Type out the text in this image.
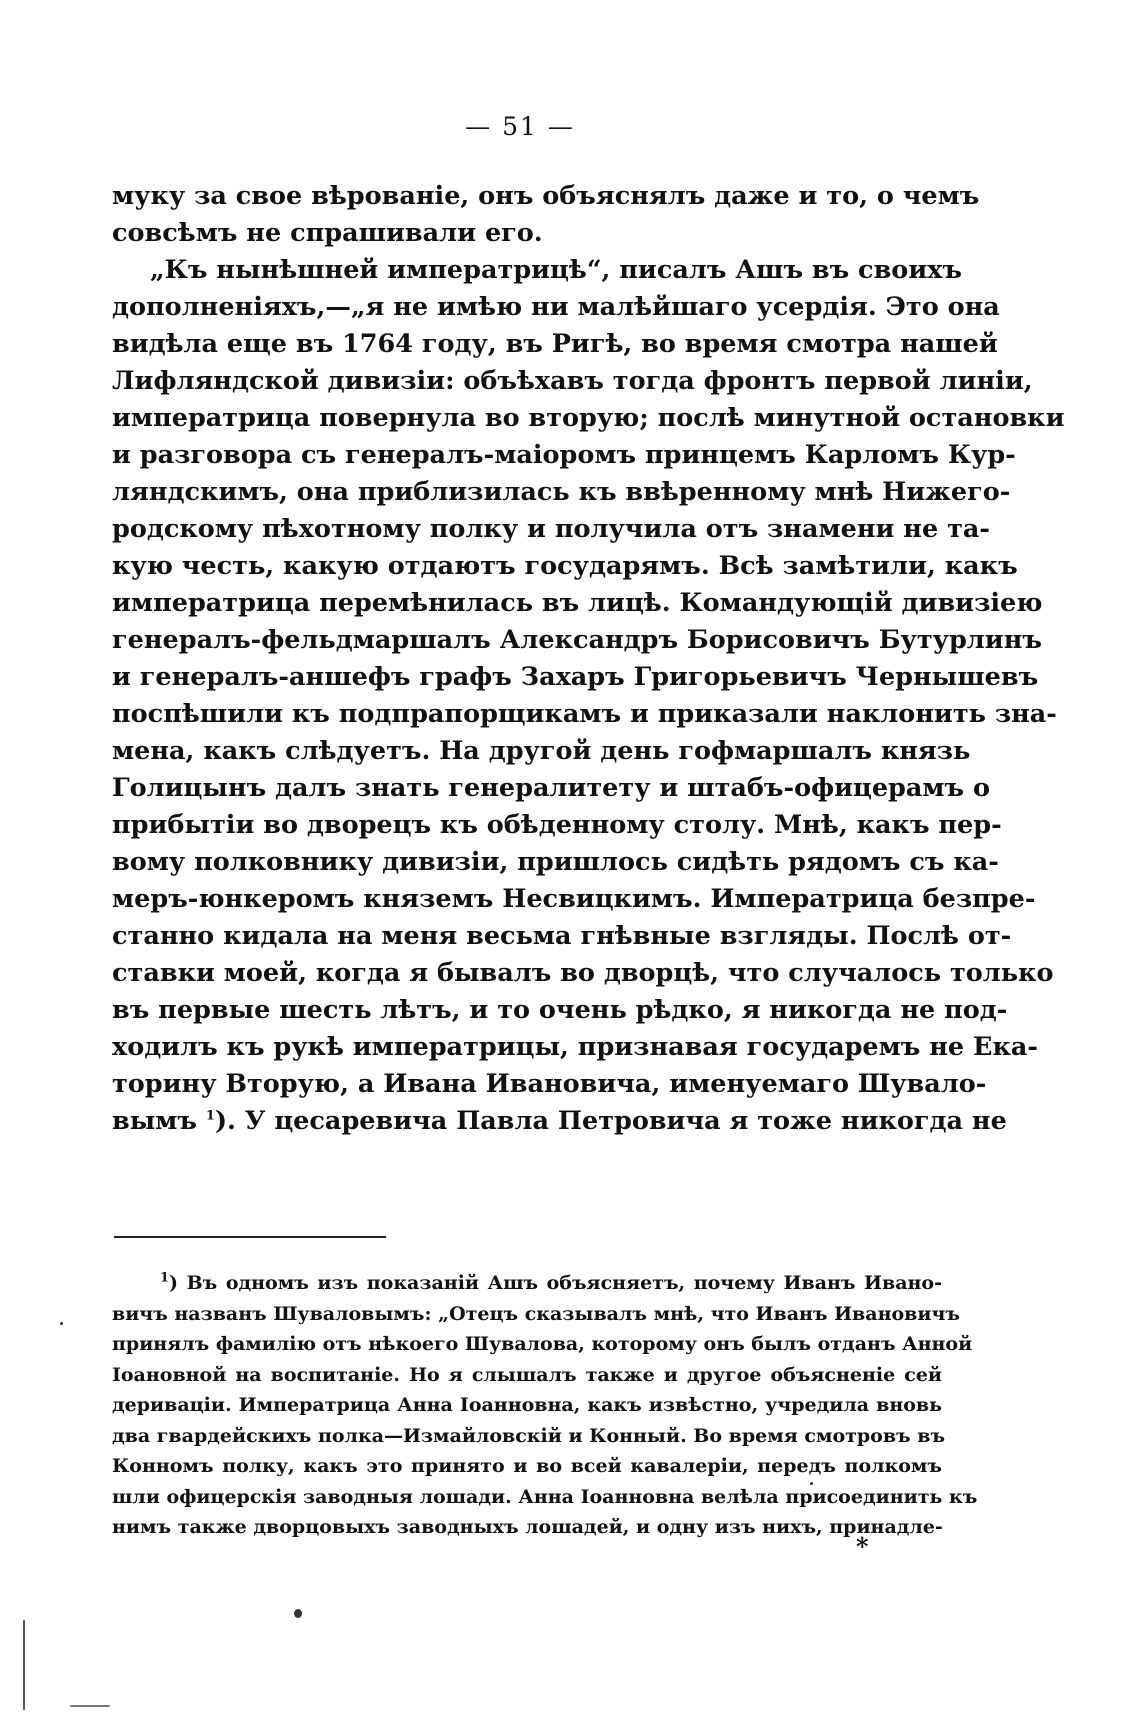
— 51 —
муку за свое вѣрованіе, онъ объяснялъ даже и то, о чемъ
совсѣмъ не спрашивали его.
„Къ нынѣшней императрицѣ“, писалъ Ашъ въ своихъ
дополненіяхъ,—„я не имѣю ни малѣйшаго усердія. Это она
видѣла еще въ 1764 году, въ Ригѣ, во время смотра нашей
Лифляндской дивизіи: объѣхавъ тогда фронтъ первой линіи,
императрица повернула во вторую; послѣ минутной остановки
и разговора съ генералъ-маіоромъ принцемъ Карломъ Кур-
ляндскимъ, она приблизилась къ ввѣренному мнѣ Нижего-
родскому пѣхотному полку и получила отъ знамени не та-
кую честь, какую отдаютъ государямъ. Всѣ замѣтили, какъ
императрица перемѣнилась въ лицѣ. Командующій дивизіею
генералъ-фельдмаршалъ Александръ Борисовичъ Бутурлинъ
и генералъ-аншефъ графъ Захаръ Григорьевичъ Чернышевъ
поспѣшили къ подпрапорщикамъ и приказали наклонить зна-
мена, какъ слѣдуетъ. На другой день гофмаршалъ князь
Голицынъ далъ знать генералитету и штабъ-офицерамъ о
прибытіи во дворецъ къ обѣденному столу. Мнѣ, какъ пер-
вому полковнику дивизіи, пришлось сидѣть рядомъ съ ка-
меръ-юнкеромъ княземъ Несвицкимъ. Императрица безпре-
станно кидала на меня весьма гнѣвные взгляды. Послѣ от-
ставки моей, когда я бывалъ во дворцѣ, что случалось только
въ первые шесть лѣтъ, и то очень рѣдко, я никогда не под-
ходилъ къ рукѣ императрицы, признавая государемъ не Ека-
торину Вторую, а Ивана Ивановича, именуемаго Шувало-
вымъ $^1$). У цесаревича Павла Петровича я тоже никогда не
$^1$) Въ одномъ изъ показаній Ашъ объясняетъ, почему Иванъ Ивано-
вичъ названъ Шуваловымъ: „Отецъ сказывалъ мнѣ, что Иванъ Ивановичъ
принялъ фамилію отъ нѣкоего Шувалова, которому онъ былъ отданъ Анной
Іоановной на воспитаніе. Но я слышалъ также и другое объясненіе сей
деривацiи. Императрица Анна Іоанновна, какъ извѣстно, учредила вновь
два гвардейскихъ полка—Измайловскій и Конный. Во время смотровъ въ
Конномъ полку, какъ это принято и во всей кавалеріи, передъ полкомъ
шли офицерскія заводныя лошади. Анна Іоанновна велѣла присоединить къ
нимъ также дворцовыхъ заводныхъ лошадей, и одну изъ нихъ, принадле-
*
